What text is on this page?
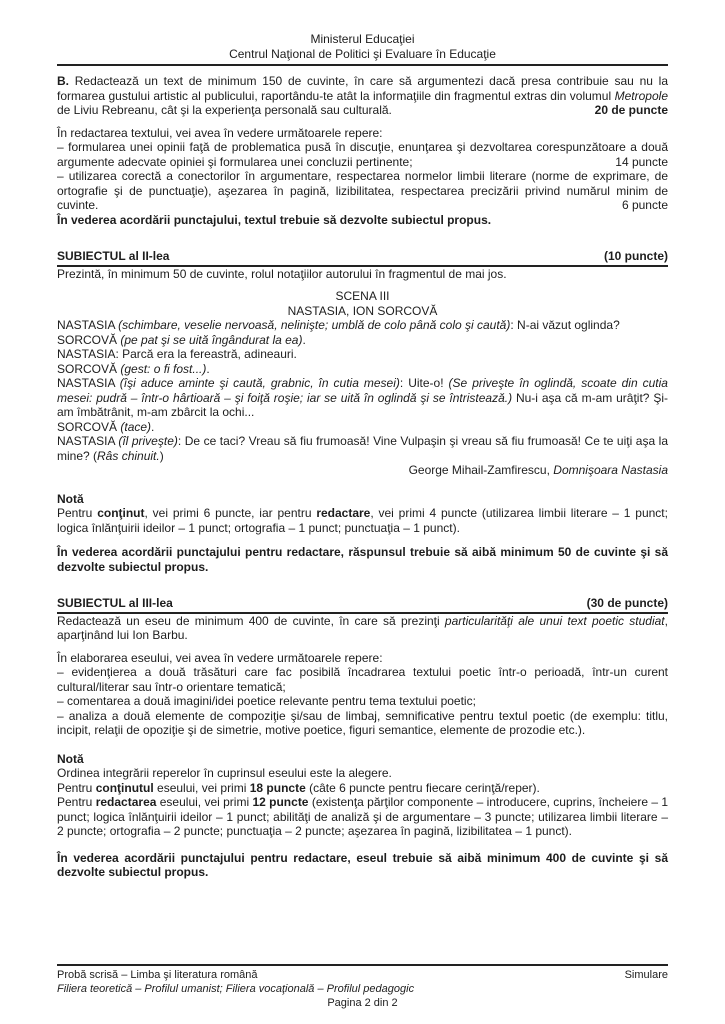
Ministerul Educaţiei
Centrul Naţional de Politici şi Evaluare în Educaţie

B. Redactează un text de minimum 150 de cuvinte, în care să argumentezi dacă presa contribuie sau nu la formarea gustului artistic al publicului, raportându-te atât la informaţiile din fragmentul extras din volumul Metropole de Liviu Rebreanu, cât şi la experienţa personală sau culturală.	20 de puncte

În redactarea textului, vei avea în vedere următoarele repere:

– formularea unei opinii faţă de problematica pusă în discuţie, enunţarea şi dezvoltarea corespunzătoare a două argumente adecvate opiniei şi formularea unei concluzii pertinente;	14 puncte

– utilizarea corectă a conectorilor în argumentare, respectarea normelor limbii literare (norme de exprimare, de ortografie şi de punctuaţie), aşezarea în pagină, lizibilitatea, respectarea precizării privind numărul minim de cuvinte.	6 puncte

În vederea acordării punctajului, textul trebuie să dezvolte subiectul propus.

SUBIECTUL al II-lea	(10 puncte)

Prezintă, în minimum 50 de cuvinte, rolul notaţiilor autorului în fragmentul de mai jos.

SCENA III

NASTASIA, ION SORCOVĂ

NASTASIA (schimbare, veselie nervoasă, nelinişte; umblă de colo până colo şi caută): N-ai văzut oglinda?

SORCOVĂ (pe pat şi se uită îngândurat la ea).

NASTASIA: Parcă era la fereastră, adineauri.

SORCOVĂ (gest: o fi fost...).

NASTASIA (îşi aduce aminte şi caută, grabnic, în cutia mesei): Uite-o! (Se priveşte în oglindă, scoate din cutia mesei: pudră – într-o hârtioară – şi foiţă roşie; iar se uită în oglindă şi se întristează.) Nu-i aşa că m-am urâţit? Şi-am îmbătrânit, m-am zbârcit la ochi...

SORCOVĂ (tace).

NASTASIA (îl priveşte): De ce taci? Vreau să fiu frumoasă! Vine Vulpaşin şi vreau să fiu frumoasă! Ce te uiţi aşa la mine? (Râs chinuit.)

George Mihail-Zamfirescu, Domnişoara Nastasia

Notă

Pentru conţinut, vei primi 6 puncte, iar pentru redactare, vei primi 4 puncte (utilizarea limbii literare – 1 punct; logica înlănţuirii ideilor – 1 punct; ortografia – 1 punct; punctuaţia – 1 punct).

În vederea acordării punctajului pentru redactare, răspunsul trebuie să aibă minimum 50 de cuvinte şi să dezvolte subiectul propus.

SUBIECTUL al III-lea	(30 de puncte)

Redactează un eseu de minimum 400 de cuvinte, în care să prezinţi particularităţi ale unui text poetic studiat, aparţinând lui Ion Barbu.

În elaborarea eseului, vei avea în vedere următoarele repere:

– evidenţierea a două trăsături care fac posibilă încadrarea textului poetic într-o perioadă, într-un curent cultural/literar sau într-o orientare tematică;

– comentarea a două imagini/idei poetice relevante pentru tema textului poetic;

– analiza a două elemente de compoziţie şi/sau de limbaj, semnificative pentru textul poetic (de exemplu: titlu, incipit, relaţii de opoziţie şi de simetrie, motive poetice, figuri semantice, elemente de prozodie etc.).

Notă

Ordinea integrării reperelor în cuprinsul eseului este la alegere.

Pentru conţinutul eseului, vei primi 18 puncte (câte 6 puncte pentru fiecare cerinţă/reper).

Pentru redactarea eseului, vei primi 12 puncte (existenţa părţilor componente – introducere, cuprins, încheiere – 1 punct; logica înlănţuirii ideilor – 1 punct; abilităţi de analiză şi de argumentare – 3 puncte; utilizarea limbii literare – 2 puncte; ortografia – 2 puncte; punctuaţia – 2 puncte; aşezarea în pagină, lizibilitatea – 1 punct).

În vederea acordării punctajului pentru redactare, eseul trebuie să aibă minimum 400 de cuvinte şi să dezvolte subiectul propus.

Probă scrisă – Limba şi literatura română	Simulare
Filiera teoretică – Profilul umanist; Filiera vocaţională – Profilul pedagogic
Pagina 2 din 2
